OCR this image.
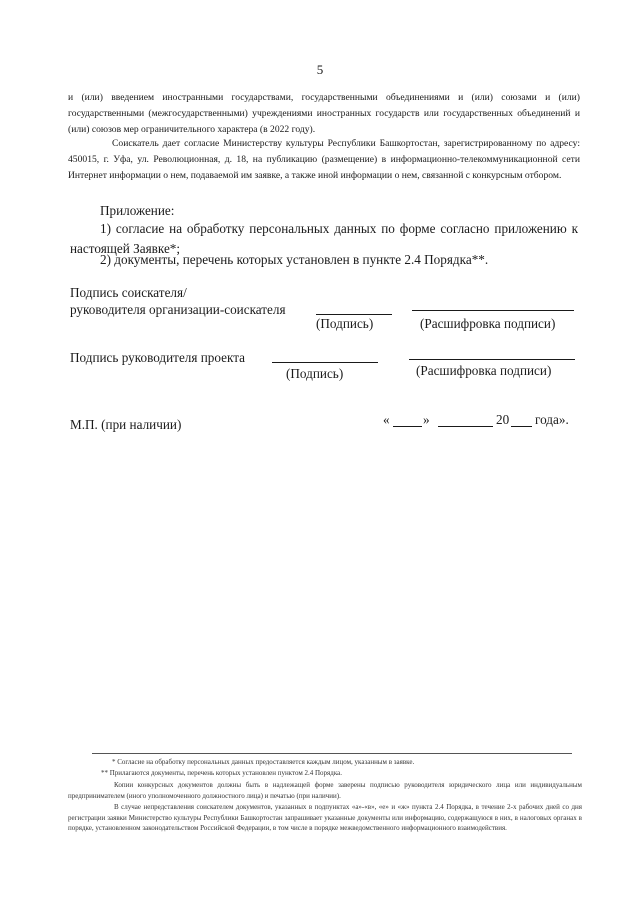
5
и (или) введением иностранными государствами, государственными объединениями и (или) союзами и (или) государственными (межгосударственными) учреждениями иностранных государств или государственных объединений и (или) союзов мер ограничительного характера (в 2022 году).
Соискатель дает согласие Министерству культуры Республики Башкортостан, зарегистрированному по адресу: 450015, г. Уфа, ул. Революционная, д. 18, на публикацию (размещение) в информационно-телекоммуникационной сети Интернет информации о нем, подаваемой им заявке, а также иной информации о нем, связанной с конкурсным отбором.
Приложение:
1) согласие на обработку персональных данных по форме согласно приложению к настоящей Заявке*;
2) документы, перечень которых установлен в пункте 2.4 Порядка**.
Подпись соискателя/
руководителя организации-соискателя
(Подпись)	(Расшифровка подписи)
Подпись руководителя проекта
(Подпись)	(Расшифровка подписи)
М.П. (при наличии)	«	»	20 года».
* Согласие на обработку персональных данных предоставляется каждым лицом, указанным в заявке.
** Прилагаются документы, перечень которых установлен пунктом 2.4 Порядка.
Копии конкурсных документов должны быть в надлежащей форме заверены подписью руководителя юридического лица или индивидуальным предпринимателем (иного уполномоченного должностного лица) и печатью (при наличии).
В случае непредставления соискателем документов, указанных в подпунктах «а»-«в», «е» и «ж» пункта 2.4 Порядка, в течение 2-х рабочих дней со дня регистрации заявки Министерство культуры Республики Башкортостан запрашивает указанные документы или информацию, содержащуюся в них, в налоговых органах в порядке, установленном законодательством Российской Федерации, в том числе в порядке межведомственного информационного взаимодействия.
